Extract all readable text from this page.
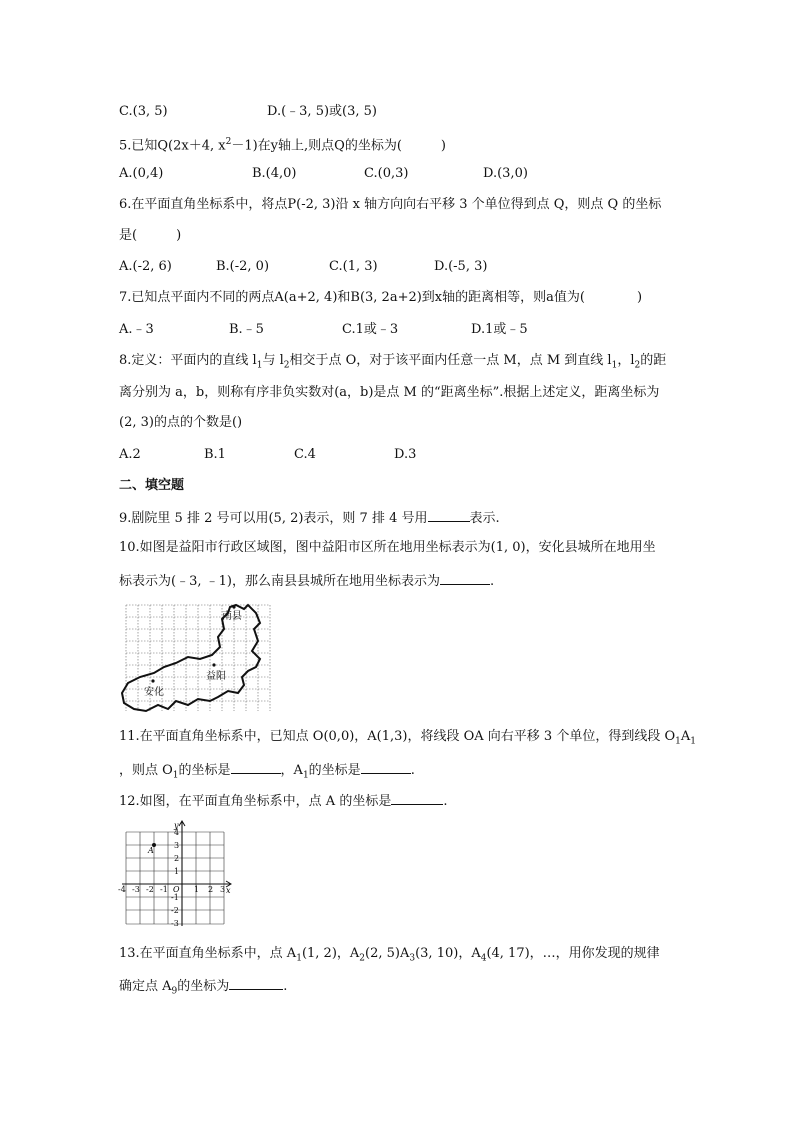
C.(3, 5)	D.(﹣3, 5)或(3, 5)
5.已知Q(2x＋4, $x^2-1$)在y轴上,则点Q的坐标为(　　　)
A.(0,4)	B.(4,0)	C.(0,3)	D.(3,0)
6.在平面直角坐标系中，将点P(-2, 3)沿 x 轴方向向右平移 3 个单位得到点 Q，则点 Q 的坐标
是(　　　)
A.(-2, 6)	B.(-2, 0)	C.(1, 3)	D.(-5, 3)
7.已知点平面内不同的两点A(a+2, 4)和B(3, 2a+2)到x轴的距离相等，则a值为(　　　　)
A.﹣3	B.﹣5	C.1或﹣3	D.1或﹣5
8.定义：平面内的直线 $l_1$与 $l_2$相交于点 O，对于该平面内任意一点 M，点 M 到直线 $l_1$，$l_2$的距
离分别为 a，b，则称有序非负实数对(a，b)是点 M 的“距离坐标”.根据上述定义，距离坐标为
(2, 3)的点的个数是()
A.2	B.1	C.4	D.3
二、填空题
9.剧院里 5 排 2 号可以用(5, 2)表示，则 7 排 4 号用	表示.
10.如图是益阳市行政区域图，图中益阳市区所在地用坐标表示为(1, 0)，安化县城所在地用坐
标表示为(﹣3, ﹣1)，那么南县县城所在地用坐标表示为	.
南县
益阳
安化
11.在平面直角坐标系中，已知点 O(0,0)，A(1,3)，将线段 OA 向右平移 3 个单位，得到线段 $O_1A_1$
，则点 $O_1$的坐标是	，$A_1$的坐标是	.
12.如图，在平面直角坐标系中，点 A 的坐标是	.
y
x
O
-4 -3 -2 -1	1 2 3
4
3
2
1
-1
-2
-3
A
13.在平面直角坐标系中，点 $A_1(1$, 2)，$A_2(2$, $5)A_3(3$, 10)，$A_4(4$, 17)，…，用你发现的规律
确定点 $A_9$的坐标为	.
